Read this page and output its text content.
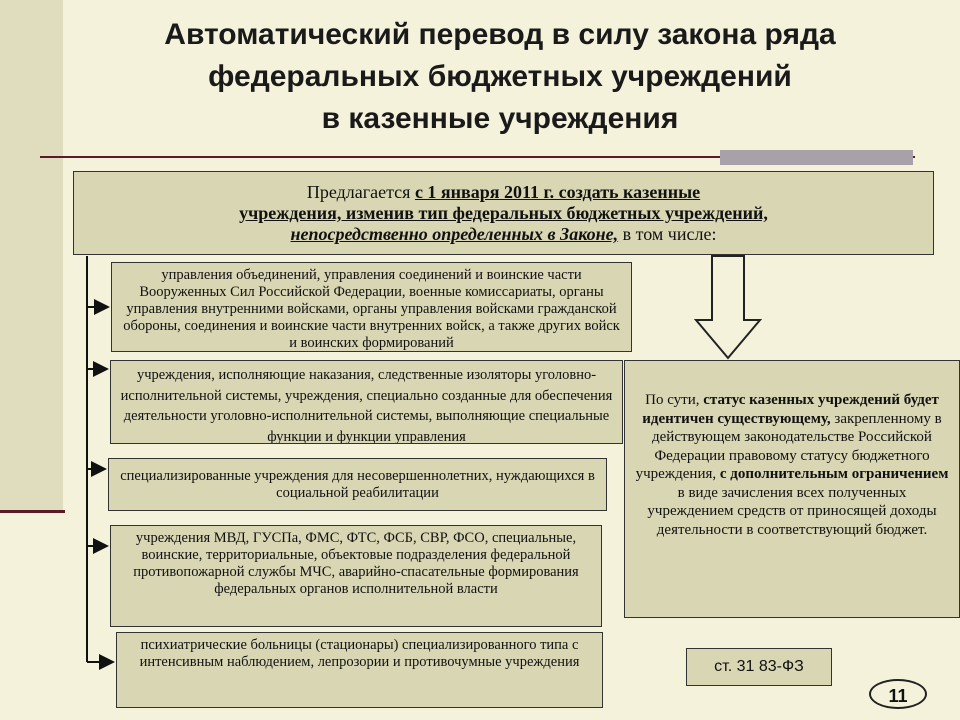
Автоматический перевод в силу закона ряда
федеральных бюджетных учреждений
в казенные учреждения
Предлагается с 1 января 2011 г. создать казенные
учреждения, изменив тип федеральных бюджетных учреждений,
непосредственно определенных в Законе, в том числе:
управления объединений, управления соединений и воинские части Вооруженных Сил Российской Федерации, военные комиссариаты, органы управления внутренними войсками, органы управления войсками гражданской обороны, соединения и воинские части внутренних войск, а также других войск и воинских формирований
учреждения, исполняющие наказания, следственные изоляторы уголовно-исполнительной системы, учреждения, специально созданные для обеспечения деятельности уголовно-исполнительной системы, выполняющие специальные функции и функции управления
специализированные учреждения для несовершеннолетних, нуждающихся в социальной реабилитации
учреждения МВД, ГУСПа, ФМС, ФТС, ФСБ, СВР, ФСО, специальные, воинские, территориальные, объектовые подразделения федеральной противопожарной службы МЧС, аварийно-спасательные формирования федеральных органов исполнительной власти
психиатрические больницы (стационары) специализированного типа с интенсивным наблюдением, лепрозории и противочумные учреждения
По сути, статус казенных учреждений будет идентичен существующему, закрепленному в действующем законодательстве Российской Федерации правовому статусу бюджетного учреждения, с дополнительным ограничением в виде зачисления всех полученных учреждением средств от приносящей доходы деятельности в соответствующий бюджет.
ст. 31 83-ФЗ
11
